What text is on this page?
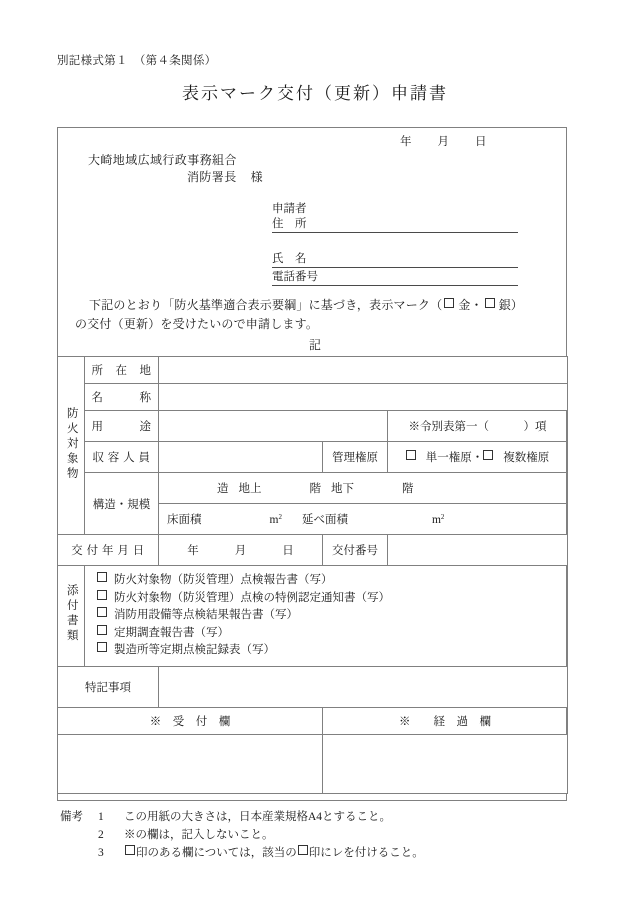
別記様式第１　（第４条関係）
表示マーク交付（更新）申請書
年 月 日
大崎地域広域行政事務組合
消防署長 様
申請者
住　所
氏　名
電話番号
下記のとおり「防火基準適合表示要綱」に基づき，表示マーク（ 金・ 銀）
の交付（更新）を受けたいので申請します。
記
防火対象物	所　在　地	
名　　　称	
用　　　途		※令別表第一（　　　）項
収 容 人 員		管理権原	単一権原・ 複数権原
構造・規模	
造 地上	階 地下	階
床面積	$m^2$ 延べ面積	$m^2$

交 付 年 月 日	年	月	日	交付番号	
添付書類	
防火対象物（防災管理）点検報告書（写）
防火対象物（防災管理）点検の特例認定通知書（写）
消防用設備等点検結果報告書（写）
定期調査報告書（写）
製造所等定期点検記録表（写）

特記事項	
※　受　付　欄	※　　経　過　欄

備考 1 この用紙の大きさは，日本産業規格A4とすること。
2 ※の欄は，記入しないこと。
3	印のある欄については，該当の 印にレを付けること。
